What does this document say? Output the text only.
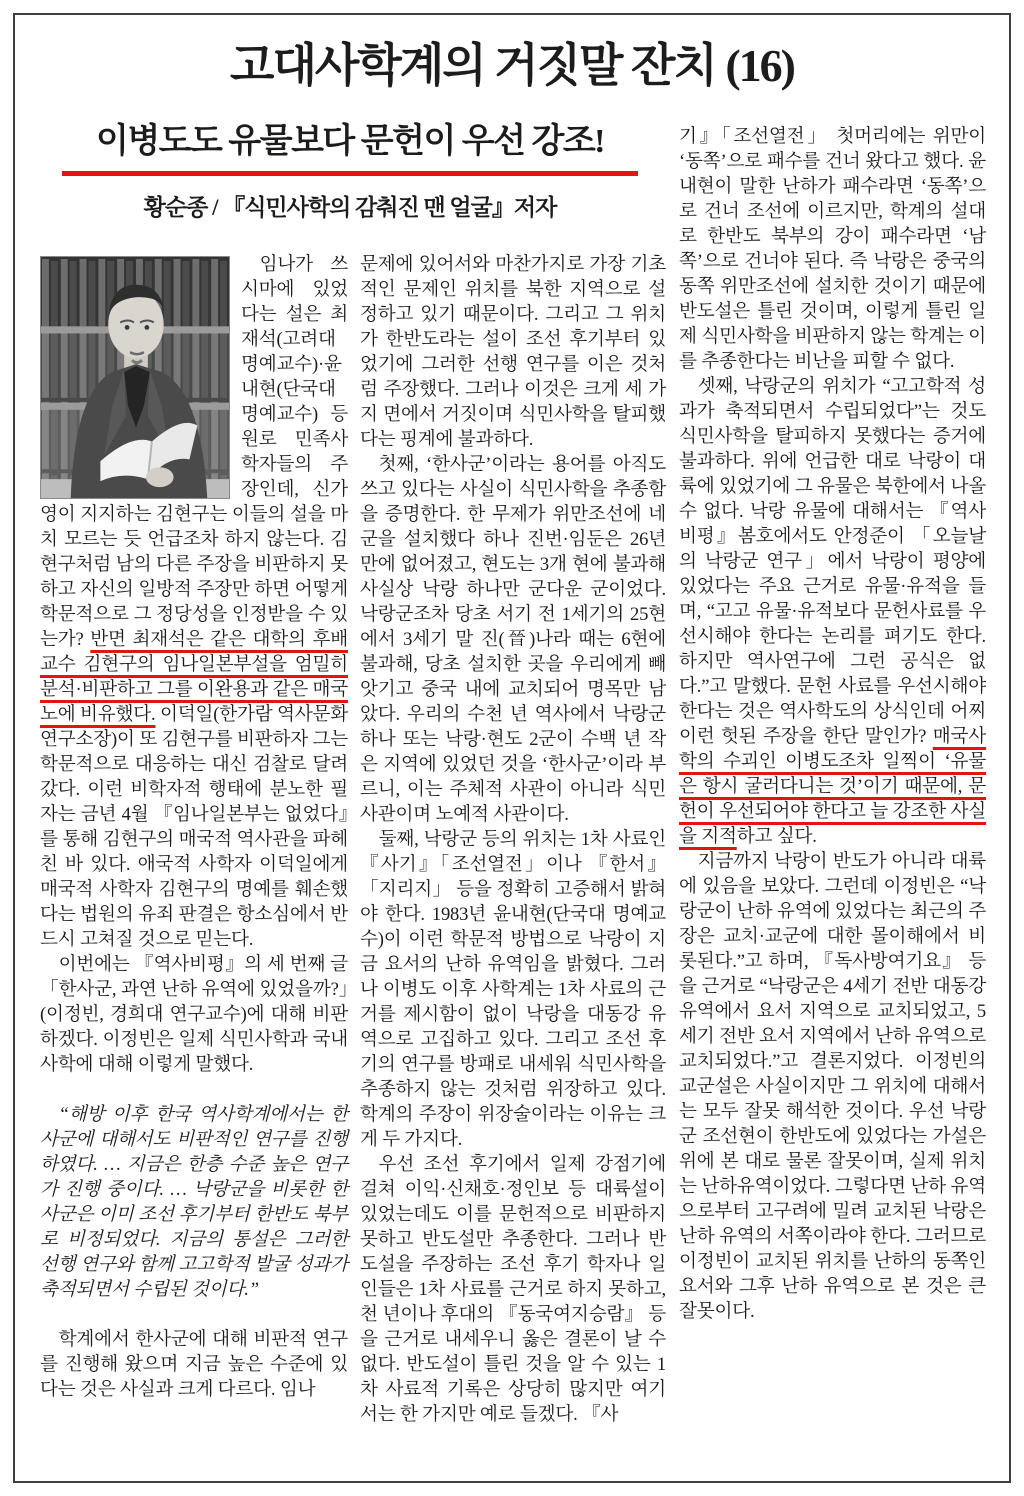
고대사학계의 거짓말 잔치 (16)
이병도도 유물보다 문헌이 우선 강조!
황순종 / 『식민사학의 감춰진 맨 얼굴』저자

임나가 쓰시마에 있었다는 설은 최재석(고려대 명예교수)·윤내현(단국대 명예교수) 등 원로 민족사학자들의 주장인데, 신가영이 지지하는 김현구는 이들의 설을 마치 모르는 듯 언급조차 하지 않는다. 김현구처럼 남의 다른 주장을 비판하지 못하고 자신의 일방적 주장만 하면 어떻게 학문적으로 그 정당성을 인정받을 수 있는가? 반면 최재석은 같은 대학의 후배 교수 김현구의 임나일본부설을 엄밀히 분석·비판하고 그를 이완용과 같은 매국노에 비유했다. 이덕일(한가람 역사문화연구소장)이 또 김현구를 비판하자 그는 학문적으로 대응하는 대신 검찰로 달려갔다. 이런 비학자적 행태에 분노한 필자는 금년 4월 『임나일본부는 없었다』를 통해 김현구의 매국적 역사관을 파헤친 바 있다. 애국적 사학자 이덕일에게 매국적 사학자 김현구의 명예를 훼손했다는 법원의 유죄 판결은 항소심에서 반드시 고쳐질 것으로 믿는다.

이번에는 『역사비평』의 세 번째 글 「한사군, 과연 난하 유역에 있었을까?」(이정빈, 경희대 연구교수)에 대해 비판하겠다. 이정빈은 일제 식민사학과 국내 사학에 대해 이렇게 말했다.

“해방 이후 한국 역사학계에서는 한사군에 대해서도 비판적인 연구를 진행하였다. … 지금은 한층 수준 높은 연구가 진행 중이다. … 낙랑군을 비롯한 한사군은 이미 조선 후기부터 한반도 북부로 비정되었다. 지금의 통설은 그러한 선행 연구와 함께 고고학적 발굴 성과가 축적되면서 수립된 것이다.”

학계에서 한사군에 대해 비판적 연구를 진행해 왔으며 지금 높은 수준에 있다는 것은 사실과 크게 다르다. 임나

문제에 있어서와 마찬가지로 가장 기초적인 문제인 위치를 북한 지역으로 설정하고 있기 때문이다. 그리고 그 위치가 한반도라는 설이 조선 후기부터 있었기에 그러한 선행 연구를 이은 것처럼 주장했다. 그러나 이것은 크게 세 가지 면에서 거짓이며 식민사학을 탈피했다는 핑계에 불과하다.

첫째, ‘한사군’이라는 용어를 아직도 쓰고 있다는 사실이 식민사학을 추종함을 증명한다. 한 무제가 위만조선에 네 군을 설치했다 하나 진번·임둔은 26년 만에 없어졌고, 현도는 3개 현에 불과해 사실상 낙랑 하나만 군다운 군이었다. 낙랑군조차 당초 서기 전 1세기의 25현에서 3세기 말 진(晉)나라 때는 6현에 불과해, 당초 설치한 곳을 우리에게 빼앗기고 중국 내에 교치되어 명목만 남았다. 우리의 수천 년 역사에서 낙랑군 하나 또는 낙랑·현도 2군이 수백 년 작은 지역에 있었던 것을 ‘한사군’이라 부르니, 이는 주체적 사관이 아니라 식민사관이며 노예적 사관이다.

둘째, 낙랑군 등의 위치는 1차 사료인 『사기』「조선열전」이나 『한서』「지리지」 등을 정확히 고증해서 밝혀야 한다. 1983년 윤내현(단국대 명예교수)이 이런 학문적 방법으로 낙랑이 지금 요서의 난하 유역임을 밝혔다. 그러나 이병도 이후 사학계는 1차 사료의 근거를 제시함이 없이 낙랑을 대동강 유역으로 고집하고 있다. 그리고 조선 후기의 연구를 방패로 내세워 식민사학을 추종하지 않는 것처럼 위장하고 있다. 학계의 주장이 위장술이라는 이유는 크게 두 가지다.

우선 조선 후기에서 일제 강점기에 걸쳐 이익·신채호·정인보 등 대륙설이 있었는데도 이를 문헌적으로 비판하지 못하고 반도설만 추종한다. 그러나 반도설을 주장하는 조선 후기 학자나 일인들은 1차 사료를 근거로 하지 못하고, 천 년이나 후대의 『동국여지승람』 등을 근거로 내세우니 옳은 결론이 날 수 없다. 반도설이 틀린 것을 알 수 있는 1차 사료적 기록은 상당히 많지만 여기서는 한 가지만 예로 들겠다. 『사

기』「조선열전」 첫머리에는 위만이 ‘동쪽’으로 패수를 건너 왔다고 했다. 윤내현이 말한 난하가 패수라면 ‘동쪽’으로 건너 조선에 이르지만, 학계의 설대로 한반도 북부의 강이 패수라면 ‘남쪽’으로 건너야 된다. 즉 낙랑은 중국의 동쪽 위만조선에 설치한 것이기 때문에 반도설은 틀린 것이며, 이렇게 틀린 일제 식민사학을 비판하지 않는 학계는 이를 추종한다는 비난을 피할 수 없다.

셋째, 낙랑군의 위치가 “고고학적 성과가 축적되면서 수립되었다”는 것도 식민사학을 탈피하지 못했다는 증거에 불과하다. 위에 언급한 대로 낙랑이 대륙에 있었기에 그 유물은 북한에서 나올 수 없다. 낙랑 유물에 대해서는 『역사비평』봄호에서도 안정준이 「오늘날의 낙랑군 연구」에서 낙랑이 평양에 있었다는 주요 근거로 유물·유적을 들며, “고고 유물·유적보다 문헌사료를 우선시해야 한다는 논리를 펴기도 한다. 하지만 역사연구에 그런 공식은 없다.”고 말했다. 문헌 사료를 우선시해야 한다는 것은 역사학도의 상식인데 어찌 이런 헛된 주장을 한단 말인가? 매국사학의 수괴인 이병도조차 일찍이 ‘유물은 항시 굴러다니는 것’이기 때문에, 문헌이 우선되어야 한다고 늘 강조한 사실을 지적하고 싶다.

지금까지 낙랑이 반도가 아니라 대륙에 있음을 보았다. 그런데 이정빈은 “낙랑군이 난하 유역에 있었다는 최근의 주장은 교치·교군에 대한 몰이해에서 비롯된다.”고 하며, 『독사방여기요』 등을 근거로 “낙랑군은 4세기 전반 대동강 유역에서 요서 지역으로 교치되었고, 5세기 전반 요서 지역에서 난하 유역으로 교치되었다.”고 결론지었다. 이정빈의 교군설은 사실이지만 그 위치에 대해서는 모두 잘못 해석한 것이다. 우선 낙랑군 조선현이 한반도에 있었다는 가설은 위에 본 대로 물론 잘못이며, 실제 위치는 난하유역이었다. 그렇다면 난하 유역으로부터 고구려에 밀려 교치된 낙랑은 난하 유역의 서쪽이라야 한다. 그러므로 이정빈이 교치된 위치를 난하의 동쪽인 요서와 그후 난하 유역으로 본 것은 큰 잘못이다.
